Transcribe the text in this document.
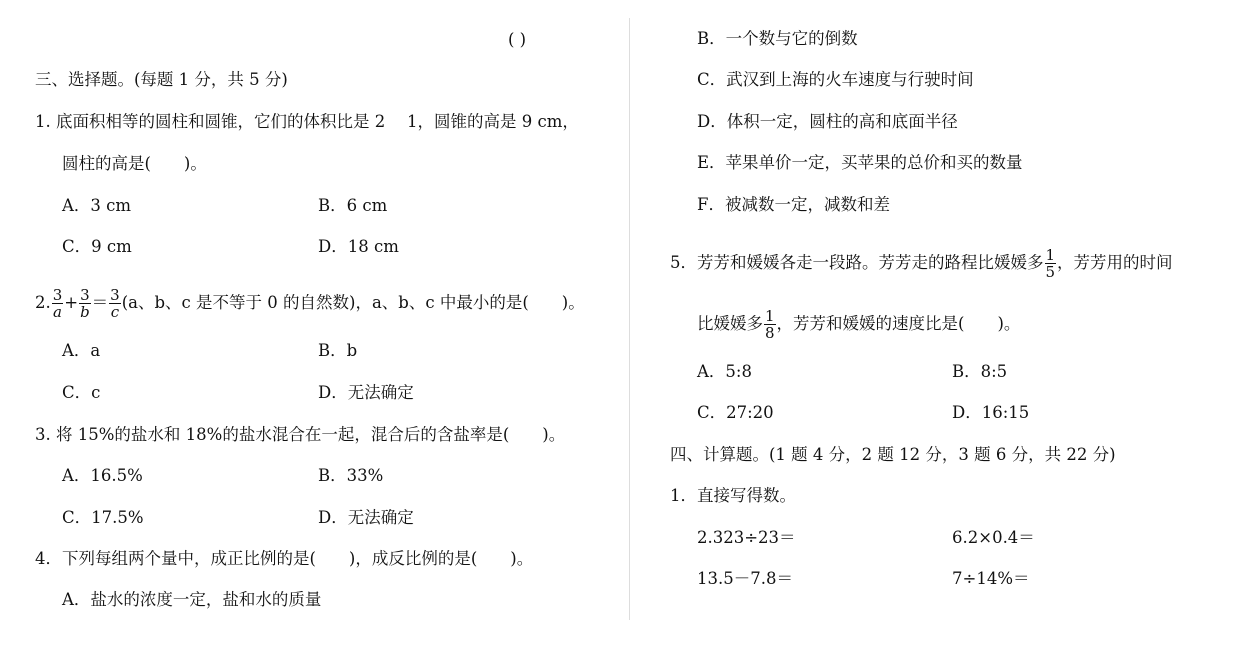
( )
三、选择题。(每题 1 分，共 5 分)
1. 底面积相等的圆柱和圆锥，它们的体积比是 2　 1，圆锥的高是 9 cm，
圆柱的高是(　　)。
A．3 cm	B．6 cm
C．9 cm	D．18 cm
2. $\frac{3}{a} + \frac{3}{b} = \frac{3}{c} (a$、b、c 是不等于 0 的自然数)，a、b、c 中最小的是(　　)。
A．a	B．b
C．c	D．无法确定
3. 将 15%的盐水和 18%的盐水混合在一起，混合后的含盐率是(　　)。
A．16.5%	B．33%
C．17.5%	D．无法确定
4．下列每组两个量中，成正比例的是(　　)，成反比例的是(　　)。
A．盐水的浓度一定，盐和水的质量
B．一个数与它的倒数
C．武汉到上海的火车速度与行驶时间
D．体积一定，圆柱的高和底面半径
E．苹果单价一定，买苹果的总价和买的数量
F．被减数一定，减数和差
5．芳芳和媛媛各走一段路。芳芳走的路程比媛媛多 $\frac{1}{5}$ ，芳芳用的时间
比媛媛多 $\frac{1}{8}$ ，芳芳和媛媛的速度比是(　　)。
A．5:8	B．8:5
C．27:20	D．16:15
四、计算题。(1 题 4 分，2 题 12 分，3 题 6 分，共 22 分)
1．直接写得数。
2.323÷23＝	6.2×0.4＝
13.5－7.8＝	7÷14%＝
